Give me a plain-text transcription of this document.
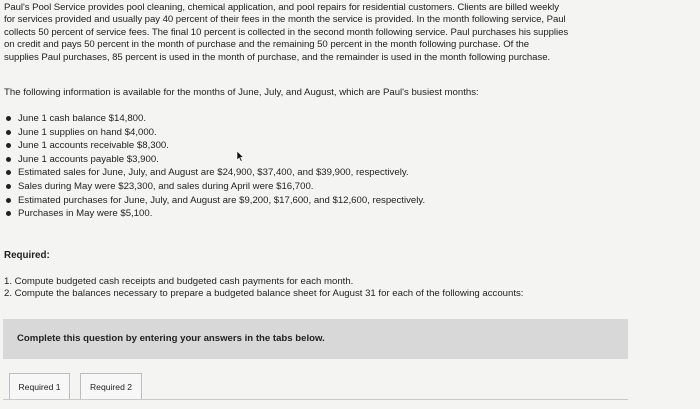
Paul's Pool Service provides pool cleaning, chemical application, and pool repairs for residential customers. Clients are billed weekly
for services provided and usually pay 40 percent of their fees in the month the service is provided. In the month following service, Paul
collects 50 percent of service fees. The final 10 percent is collected in the second month following service. Paul purchases his supplies
on credit and pays 50 percent in the month of purchase and the remaining 50 percent in the month following purchase. Of the
supplies Paul purchases, 85 percent is used in the month of purchase, and the remainder is used in the month following purchase.
The following information is available for the months of June, July, and August, which are Paul's busiest months:
June 1 cash balance $14,800.
June 1 supplies on hand $4,000.
June 1 accounts receivable $8,300.
June 1 accounts payable $3,900.
Estimated sales for June, July, and August are $24,900, $37,400, and $39,900, respectively.
Sales during May were $23,300, and sales during April were $16,700.
Estimated purchases for June, July, and August are $9,200, $17,600, and $12,600, respectively.
Purchases in May were $5,100.
Required:
1. Compute budgeted cash receipts and budgeted cash payments for each month.
2. Compute the balances necessary to prepare a budgeted balance sheet for August 31 for each of the following accounts:
Complete this question by entering your answers in the tabs below.
Required 1	Required 2
